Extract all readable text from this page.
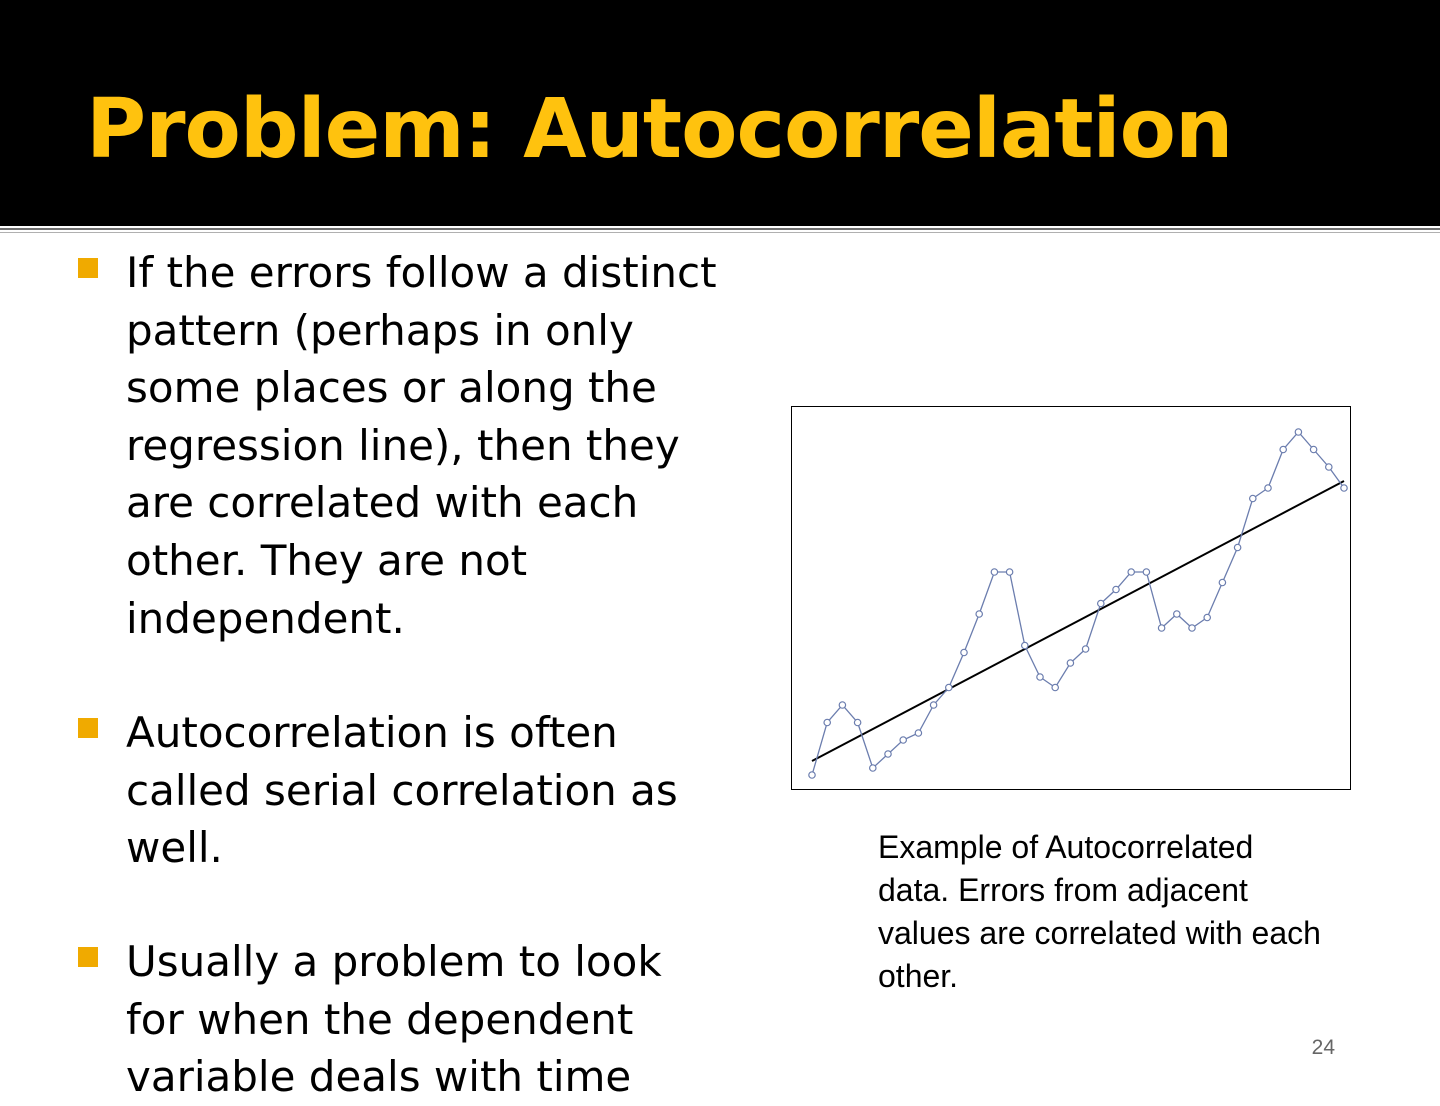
Problem: Autocorrelation

If the errors follow a distinct pattern (perhaps in only some places or along the regression line), then they are correlated with each other. They are not independent.

Autocorrelation is often called serial correlation as well.

Usually a problem to look for when the dependent variable deals with time

Example of Autocorrelated data. Errors from adjacent values are correlated with each other.

24
